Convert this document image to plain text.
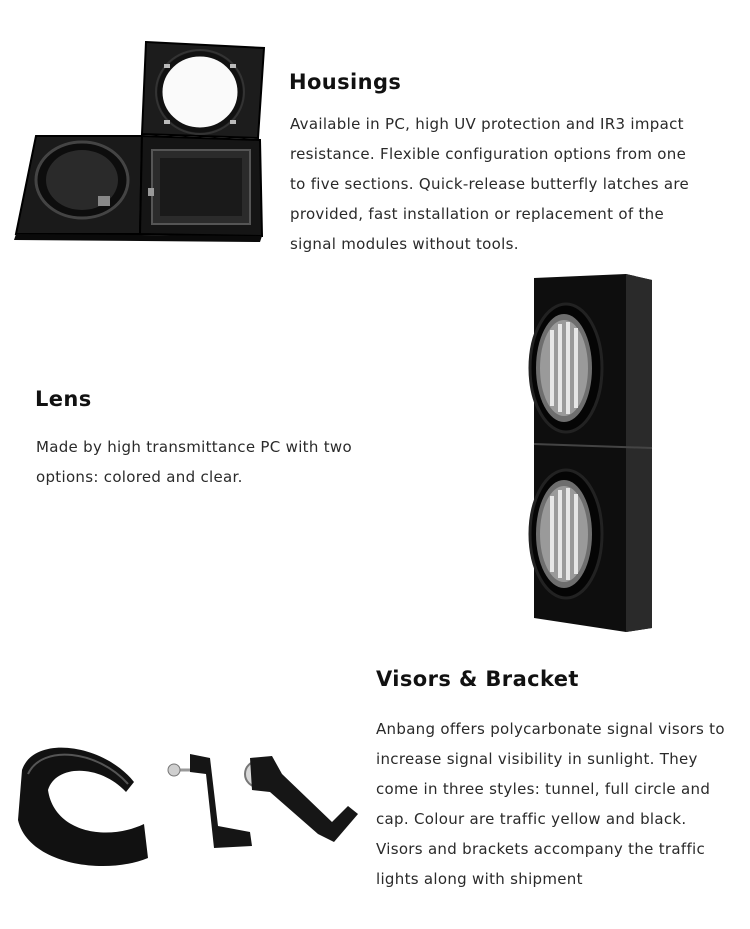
Housings
Available in PC, high UV protection and IR3 impact
resistance. Flexible configuration options from one
to five sections. Quick-release butterfly latches are
provided, fast installation or replacement of the
signal modules without tools.
Lens
Made by high transmittance PC with two
options: colored and clear.
Visors & Bracket
Anbang offers polycarbonate signal visors to
increase signal visibility in sunlight. They
come in three styles: tunnel, full circle and
cap. Colour are traffic yellow and black.
Visors and brackets accompany the traffic
lights along with shipment
